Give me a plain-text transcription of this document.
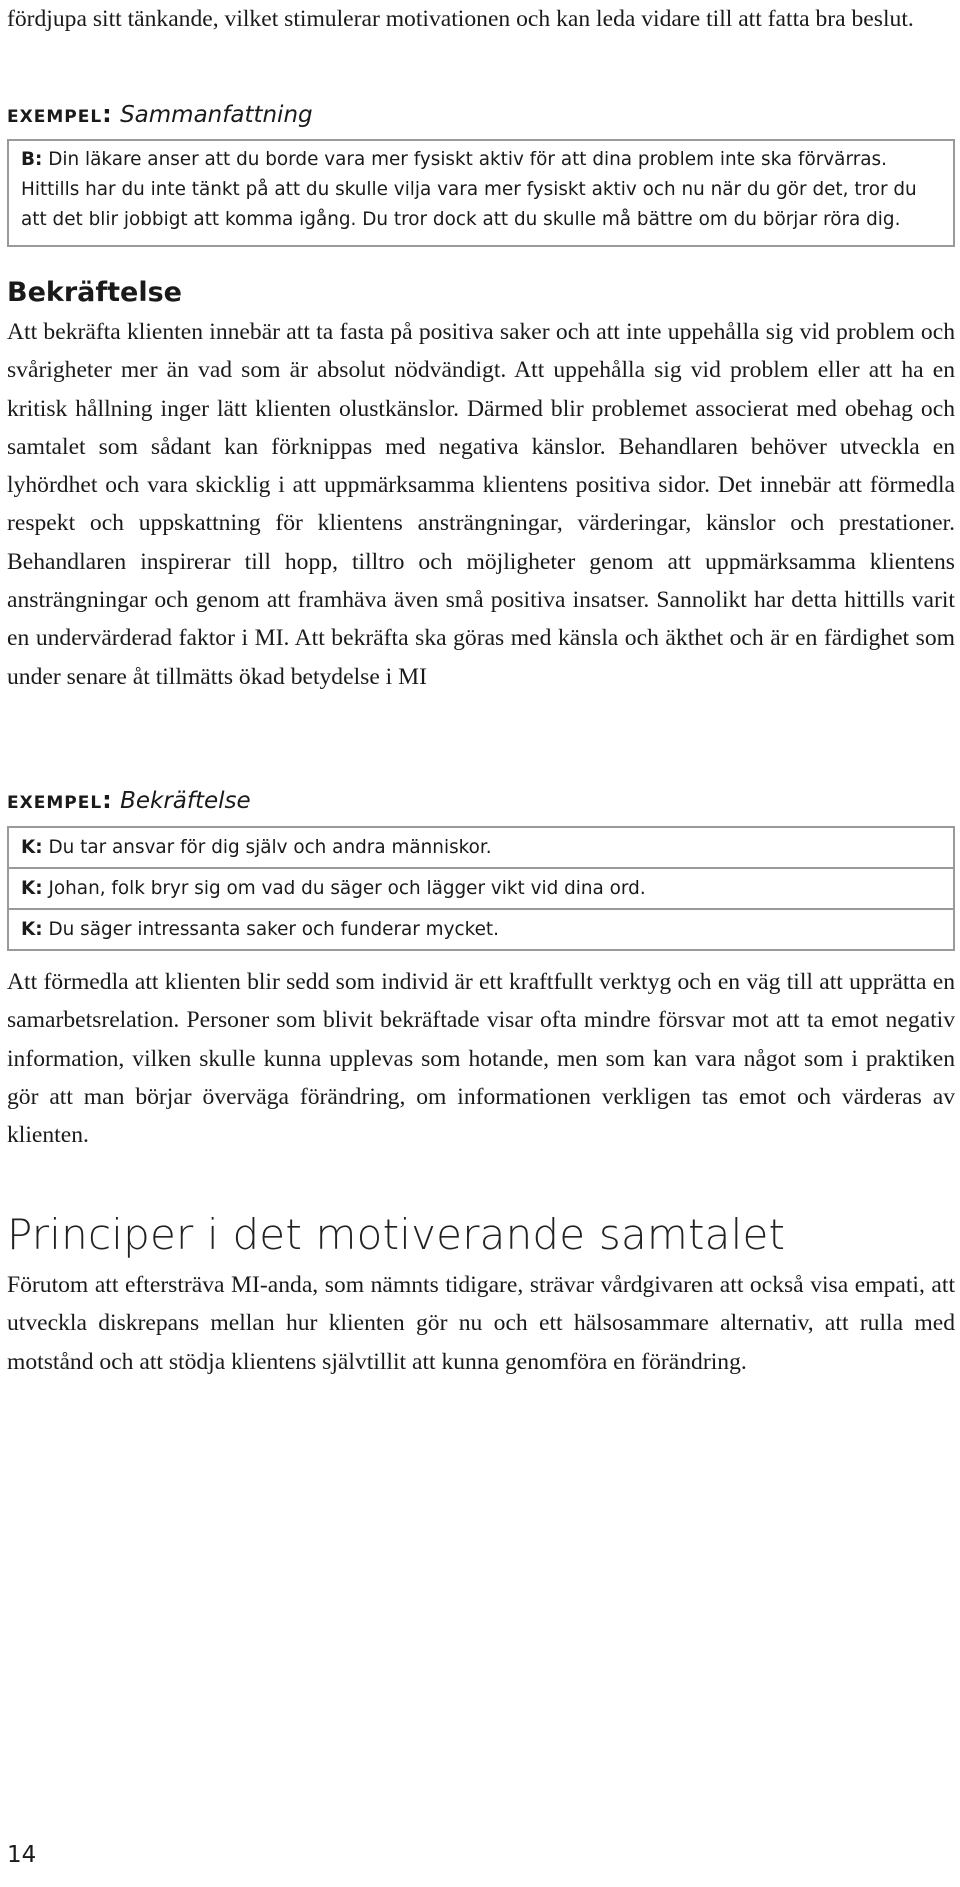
fördjupa sitt tänkande, vilket stimulerar motivationen och kan leda vidare till att fatta bra beslut.

exempel: Sammanfattning
B: Din läkare anser att du borde vara mer fysiskt aktiv för att dina problem inte ska förvärras. Hittills har du inte tänkt på att du skulle vilja vara mer fysiskt aktiv och nu när du gör det, tror du att det blir jobbigt att komma igång. Du tror dock att du skulle må bättre om du börjar röra dig.
Bekräftelse

Att bekräfta klienten innebär att ta fasta på positiva saker och att inte uppehålla sig vid problem och svårigheter mer än vad som är absolut nödvändigt. Att uppehålla sig vid problem eller att ha en kritisk hållning inger lätt klienten olustkänslor. Därmed blir problemet associerat med obehag och samtalet som sådant kan förknippas med negativa känslor. Behandlaren behöver utveckla en lyhördhet och vara skicklig i att uppmärksamma klientens positiva sidor. Det innebär att förmedla respekt och uppskattning för klientens ansträngningar, värderingar, känslor och prestationer. Behandlaren inspirerar till hopp, tilltro och möjligheter genom att uppmärksamma klientens ansträngningar och genom att framhäva även små positiva insatser. Sannolikt har detta hittills varit en undervärderad faktor i MI. Att bekräfta ska göras med känsla och äkthet och är en färdighet som under senare åt tillmätts ökad betydelse i MI

exempel: Bekräftelse
K: Du tar ansvar för dig själv och andra människor.
K: Johan, folk bryr sig om vad du säger och lägger vikt vid dina ord.
K: Du säger intressanta saker och funderar mycket.

Att förmedla att klienten blir sedd som individ är ett kraftfullt verktyg och en väg till att upprätta en samarbetsrelation. Personer som blivit bekräftade visar ofta mindre försvar mot att ta emot negativ information, vilken skulle kunna upplevas som hotande, men som kan vara något som i praktiken gör att man börjar överväga förändring, om informationen verkligen tas emot och värderas av klienten.

Principer i det motiverande samtalet

Förutom att eftersträva MI-anda, som nämnts tidigare, strävar vårdgivaren att också visa empati, att utveckla diskrepans mellan hur klienten gör nu och ett hälsosammare alternativ, att rulla med motstånd och att stödja klientens självtillit att kunna genomföra en förändring.

14
